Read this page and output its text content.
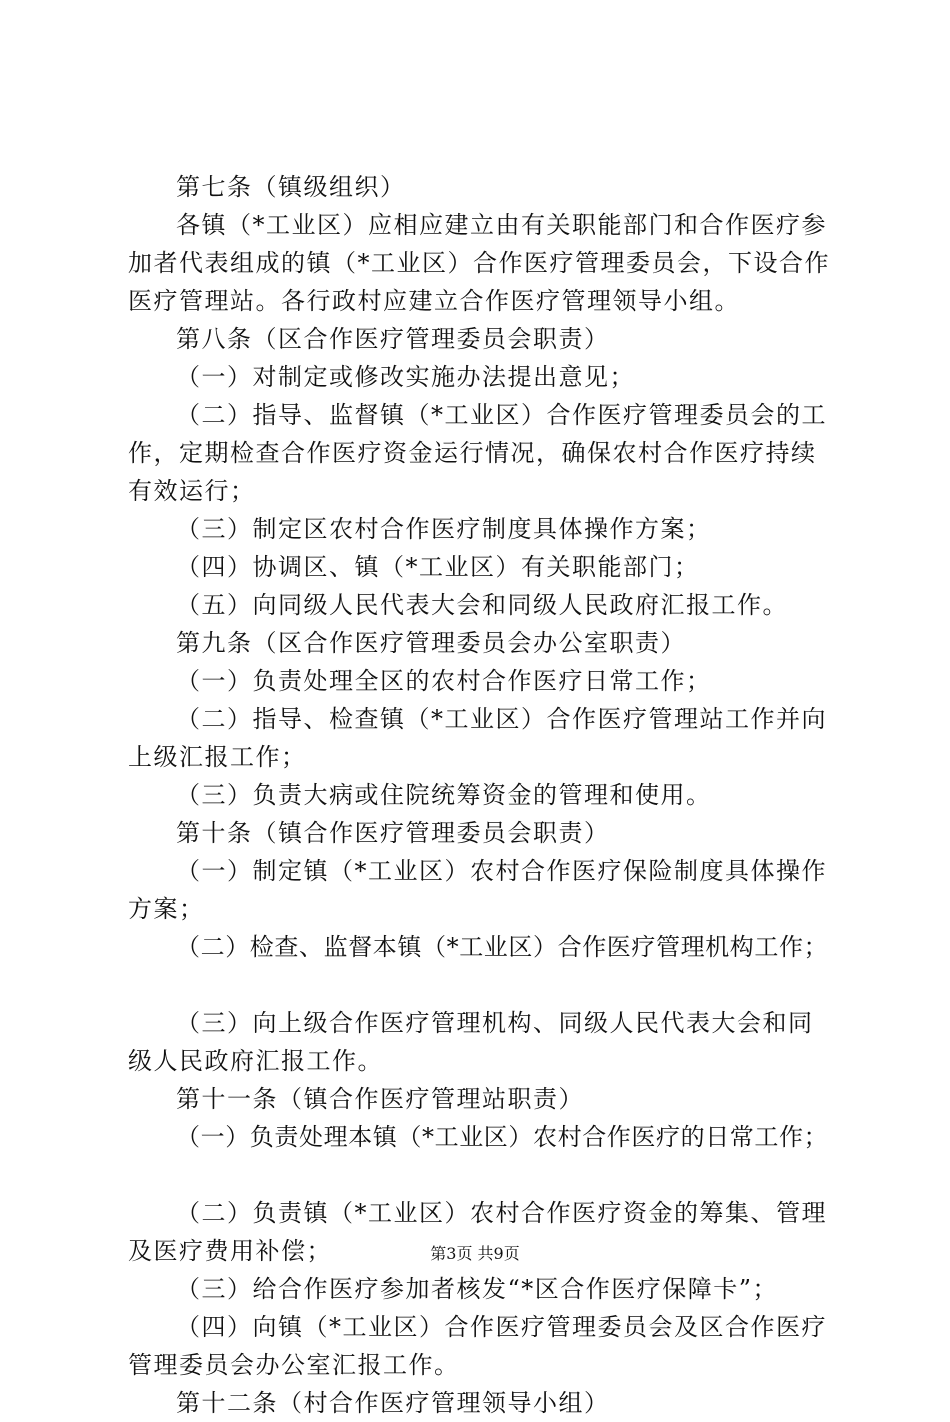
第七条（镇级组织）
各镇（*工业区）应相应建立由有关职能部门和合作医疗参
加者代表组成的镇（*工业区）合作医疗管理委员会，下设合作
医疗管理站。各行政村应建立合作医疗管理领导小组。
第八条（区合作医疗管理委员会职责）
（一）对制定或修改实施办法提出意见；
（二）指导、监督镇（*工业区）合作医疗管理委员会的工
作，定期检查合作医疗资金运行情况，确保农村合作医疗持续
有效运行；
（三）制定区农村合作医疗制度具体操作方案；
（四）协调区、镇（*工业区）有关职能部门；
（五）向同级人民代表大会和同级人民政府汇报工作。
第九条（区合作医疗管理委员会办公室职责）
（一）负责处理全区的农村合作医疗日常工作；
（二）指导、检查镇（*工业区）合作医疗管理站工作并向
上级汇报工作；
（三）负责大病或住院统筹资金的管理和使用。
第十条（镇合作医疗管理委员会职责）
（一）制定镇（*工业区）农村合作医疗保险制度具体操作
方案；
（二）检查、监督本镇（*工业区）合作医疗管理机构工作；
（三）向上级合作医疗管理机构、同级人民代表大会和同
级人民政府汇报工作。
第十一条（镇合作医疗管理站职责）
（一）负责处理本镇（*工业区）农村合作医疗的日常工作；
（二）负责镇（*工业区）农村合作医疗资金的筹集、管理
及医疗费用补偿；
（三）给合作医疗参加者核发“*区合作医疗保障卡”；
（四）向镇（*工业区）合作医疗管理委员会及区合作医疗
管理委员会办公室汇报工作。
第十二条（村合作医疗管理领导小组）
第3页 共9页
